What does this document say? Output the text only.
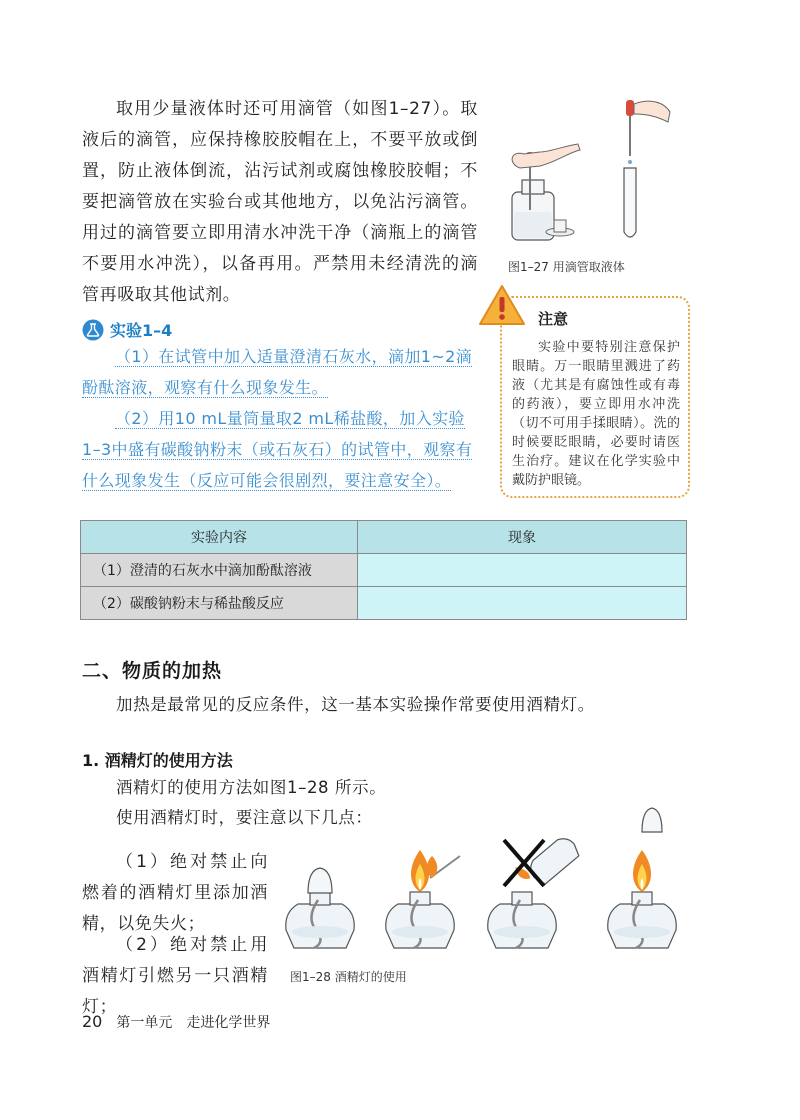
取用少量液体时还可用滴管（如图1–27）。取液后的滴管，应保持橡胶胶帽在上，不要平放或倒置，防止液体倒流，沾污试剂或腐蚀橡胶胶帽；不要把滴管放在实验台或其他地方，以免沾污滴管。用过的滴管要立即用清水冲洗干净（滴瓶上的滴管不要用水冲洗），以备再用。严禁用未经清洗的滴管再吸取其他试剂。
图1–27 用滴管取液体
实验1–4
（1）在试管中加入适量澄清石灰水，滴加1~2滴酚酞溶液，观察有什么现象发生。
（2）用10 mL量筒量取2 mL稀盐酸，加入实验1–3中盛有碳酸钠粉末（或石灰石）的试管中，观察有什么现象发生（反应可能会很剧烈，要注意安全）。
注意
实验中要特别注意保护眼睛。万一眼睛里溅进了药液（尤其是有腐蚀性或有毒的药液），要立即用水冲洗（切不可用手揉眼睛）。洗的时候要眨眼睛，必要时请医生治疗。建议在化学实验中戴防护眼镜。
实验内容	现象
（1）澄清的石灰水中滴加酚酞溶液	
（2）碳酸钠粉末与稀盐酸反应	
二、物质的加热
加热是最常见的反应条件，这一基本实验操作常要使用酒精灯。
1. 酒精灯的使用方法
酒精灯的使用方法如图1–28 所示。
使用酒精灯时，要注意以下几点：
（1）绝对禁止向燃着的酒精灯里添加酒精，以免失火；
（2）绝对禁止用酒精灯引燃另一只酒精灯；
图1–28 酒精灯的使用
20 第一单元 走进化学世界
